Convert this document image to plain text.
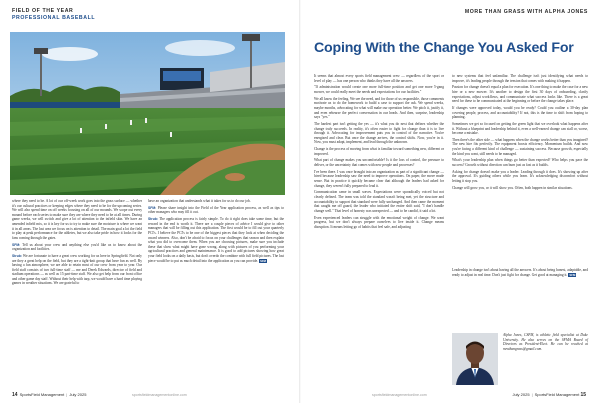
FIELD OF THE YEAR
PROFESSIONAL BASEBALL

where they need to be. A lot of our off-week work goes into the grass surface — whether it's our cultural practices or keeping edges where they need to be for the upcoming series. We will also spend time on off weeks focusing on all of our mounds. We scope out every mound before each series to make sure they are where they need to be at all times. During game weeks, we will switch and give a lot of attention to the infield skin. We have an amended infield mix, so it is key for us to try to make sure the moisture is where we want it in all areas. The last area we focus on is attention to detail. The main goal a lot the field to play at peak performance for the athletes, but we also take pride in how it looks for the fans coming through the gates.

SFM: Tell us about your crew and anything else you'd like us to know about the organization and facilities.

Strub: We are fortunate to have a great crew working for us here in Springfield. Not only are they a great help on the field, but they are a tight-knit group that have fun as well. By having a fun atmosphere, we are able to retain most of our crew from year to year. Our field staff consists of two full-time staff — me and Derek Edwards, director of field and stadium operations — as well as 15 part-time staff. We also get help from our front office and other game day staff. Without their help with tarp, we would have a hard time playing games in weather situations. We are grateful to

have an organization that understands what it takes for us to do our job.

SFM: Please share insight into the Field of the Year application process, as well as tips to other managers who may fill it out.

Strub: The application process is fairly simple. To do it right does take some time, but the reward in the end is worth it. There are a couple pieces of advice I would give to other managers that will be filling out this application. The first would be to fill out your quarterly PCI's. I believe the PCI's to be one of the biggest pieces that they look at when deciding the award winners. Also, don't be afraid to focus on your challenges that season and then explain what you did to overcome them. When you are choosing pictures, make sure you include these that show what might have gone wrong, along with pictures of you performing your agricultural practices and general maintenance. It is good to add pictures showing how great your field looks on a daily basis, but don't overdo the combine with full field pictures. The last piece would be to put as much detail into the application as you can provide. SFM

14 SportsField Management | July 2025	sportsfieldmanagementonline.com
MORE THAN GRASS WITH ALPHA JONES
Coping With the Change You Asked For

It seems that almost every sports field management crew — regardless of the sport or level of play — has one person who thinks they have all the answers.

"If administration would create one more full-time position and get one more 5-gang mower, we could really meet the needs and expectations for our facilities."

We all know the feeling. We see the need, and for those of us responsible, those comments motivate us to do the homework to build a case to support the ask. We spend weeks, maybe months, advocating for what will make our operation better. We pitch it, justify it, and even rehearse the perfect conversation in our heads. And then, surprise, leadership says "yes."

The hardest part isn't getting the yes — it's what you do next that defines whether the change truly succeeds. In reality, it's often easier to fight for change than it is to live through it. Advocating for improvement puts you in control of the narrative. You're energized and clear. But once the change arrives, the control shifts. Now, you're in it. Now, you must adapt, implement, and lead through the unknown.

Change is the process of moving from what is familiar toward something new, different or improved.

What part of change makes you uncomfortable? Is it the loss of control, the pressure to deliver, or the uncertainty that comes with new people and processes?

I've been there. I was once brought into an organization as part of a significant change — hired because leadership saw the need to improve operations. On paper, the move made sense. But in practice it quickly became clear that although the leaders had asked for change, they weren't fully prepared to lead it.

Communication came in small waves. Expectations were sporadically voiced but not clearly defined. The team was told the standard wasn't being met, yet the structure and accountability to support that standard were fully unchanged. And then came the moment that caught me off guard, the leader who initiated the entire shift said, "I don't handle change well." That level of honesty was unexpected — and to be candid, it said a lot.

Even experienced leaders can struggle with the emotional weight of change. We want progress, but we don't always prepare ourselves to live inside it. Change means disruption. It means letting go of habits that feel safe, and adjusting

to new systems that feel unfamiliar. The challenge isn't just identifying what needs to improve, it's leading people through the tension that comes with making it happen.

Passion for change doesn't equal a plan for execution. It's one thing to make the case for a new hire or a new mower. It's another to design the first 30 days of onboarding, clarify expectations, adjust workflows, and communicate what success looks like. There is a great need for these to be communicated at the beginning or before the change takes place.

If changes were approved today, would you be ready? Could you outline a 30-day plan covering people, process, and accountability? If not, this is the time to shift from hoping to planning.

Sometimes we get so focused on getting the green light that we overlook what happens after it. Without a blueprint and leadership behind it, even a well-earned change can stall or, worse, become a mistake.

Then there's the other side — what happens when the change works better than you imagined? The new hire fits perfectly. The equipment boosts efficiency. Momentum builds. And now you're facing a different kind of challenge — sustaining success. Because growth, especially the kind you want, still needs to be managed.

What's your leadership plan when things go better than expected? Who helps you pace the success? Growth without direction can burn just as fast as it builds.

Asking for change doesn't make you a leader. Leading through it does. It's showing up after the approval. It's guiding others while you learn. It's acknowledging discomfort without letting it stop you.

Change will grow you, or it will show you. Often, both happen in similar situations.

Leadership in change isn't about having all the answers. It's about being honest, adaptable, and ready to adjust in real time. Don't just fight for change. Get good at managing it. SFM

Alpha Jones, CSFM, is athletic field specialist at Duke University. He also serves on the SFMA Board of Directors as President-Elect. He can be reached at mrothangrass@gmail.com.
sportsfieldmanagementonline.com	July 2025 | SportsField Management 15
